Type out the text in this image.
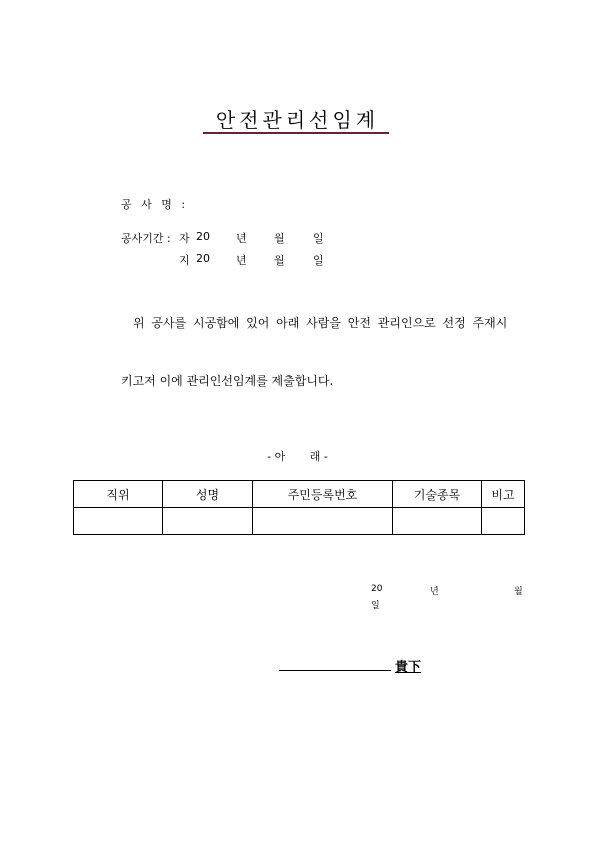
안전관리선임계
공 사 명 :
공사기간 : 자 20 년 월	일
지 20 년 월	일
위 공사를 시공함에 있어 아래 사람을 안전 관리인으로 선정 주재시
키고저 이에 관리인선임계를 제출합니다.
- 아       래 -
직위	성명	주민등록번호	기술종목	비고

20	년	월
일
貴下
